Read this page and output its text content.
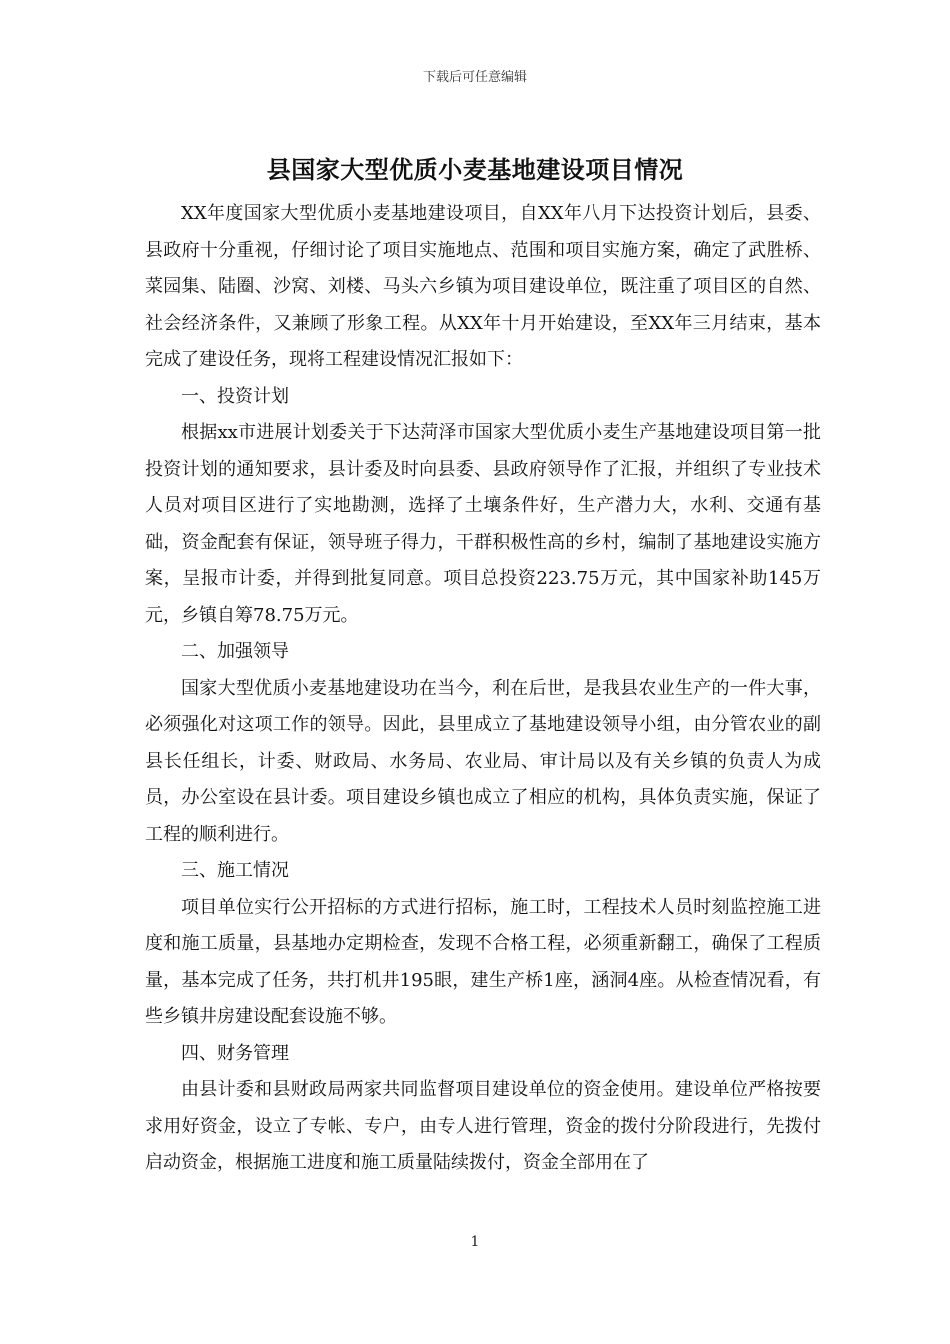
下载后可任意编辑
县国家大型优质小麦基地建设项目情况

XX年度国家大型优质小麦基地建设项目，自XX年八月下达投资计划后，县委、县政府十分重视，仔细讨论了项目实施地点、范围和项目实施方案，确定了武胜桥、菜园集、陆圈、沙窝、刘楼、马头六乡镇为项目建设单位，既注重了项目区的自然、社会经济条件，又兼顾了形象工程。从XX年十月开始建设，至XX年三月结束，基本完成了建设任务，现将工程建设情况汇报如下：

一、投资计划

根据xx市进展计划委关于下达菏泽市国家大型优质小麦生产基地建设项目第一批投资计划的通知要求，县计委及时向县委、县政府领导作了汇报，并组织了专业技术人员对项目区进行了实地勘测，选择了土壤条件好，生产潜力大，水利、交通有基础，资金配套有保证，领导班子得力，干群积极性高的乡村，编制了基地建设实施方案，呈报市计委，并得到批复同意。项目总投资223.75万元，其中国家补助145万元，乡镇自筹78.75万元。

二、加强领导

国家大型优质小麦基地建设功在当今，利在后世，是我县农业生产的一件大事，必须强化对这项工作的领导。因此，县里成立了基地建设领导小组，由分管农业的副县长任组长，计委、财政局、水务局、农业局、审计局以及有关乡镇的负责人为成员，办公室设在县计委。项目建设乡镇也成立了相应的机构，具体负责实施，保证了工程的顺利进行。

三、施工情况

项目单位实行公开招标的方式进行招标，施工时，工程技术人员时刻监控施工进度和施工质量，县基地办定期检查，发现不合格工程，必须重新翻工，确保了工程质量，基本完成了任务，共打机井195眼，建生产桥1座，涵洞4座。从检查情况看，有些乡镇井房建设配套设施不够。

四、财务管理

由县计委和县财政局两家共同监督项目建设单位的资金使用。建设单位严格按要求用好资金，设立了专帐、专户，由专人进行管理，资金的拨付分阶段进行，先拨付启动资金，根据施工进度和施工质量陆续拨付，资金全部用在了

1
